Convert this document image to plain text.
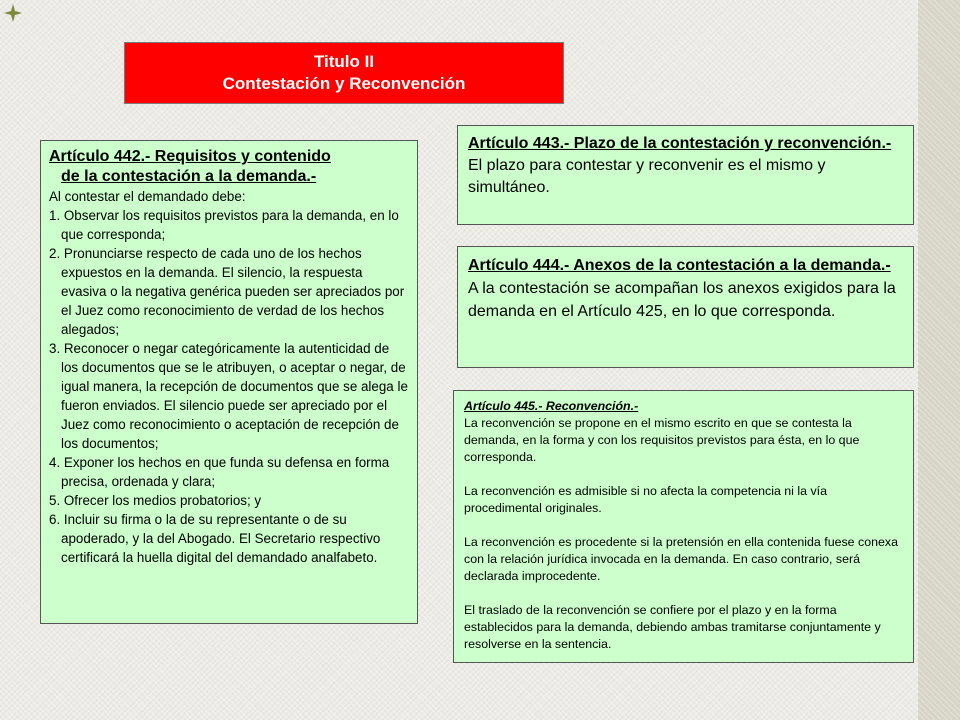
Titulo II
Contestación y Reconvención
Artículo 442.- Requisitos y contenido
de la contestación a la demanda.-

Al contestar el demandado debe:

1. Observar los requisitos previstos para la demanda, en lo que corresponda;

2. Pronunciarse respecto de cada uno de los hechos expuestos en la demanda. El silencio, la respuesta evasiva o la negativa genérica pueden ser apreciados por el Juez como reconocimiento de verdad de los hechos alegados;

3. Reconocer o negar categóricamente la autenticidad de los documentos que se le atribuyen, o aceptar o negar, de igual manera, la recepción de documentos que se alega le fueron enviados. El silencio puede ser apreciado por el Juez como reconocimiento o aceptación de recepción de los documentos;

4. Exponer los hechos en que funda su defensa en forma precisa, ordenada y clara;

5. Ofrecer los medios probatorios; y

6. Incluir su firma o la de su representante o de su apoderado, y la del Abogado. El Secretario respectivo certificará la huella digital del demandado analfabeto.

Artículo 443.- Plazo de la contestación y reconvención.-
El plazo para contestar y reconvenir es el mismo y simultáneo.
Artículo 444.- Anexos de la contestación a la demanda.-
A la contestación se acompañan los anexos exigidos para la demanda en el Artículo 425, en lo que corresponda.
Artículo 445.- Reconvención.-

La reconvención se propone en el mismo escrito en que se contesta la demanda, en la forma y con los requisitos previstos para ésta, en lo que corresponda.

La reconvención es admisible si no afecta la competencia ni la vía procedimental originales.

La reconvención es procedente si la pretensión en ella contenida fuese conexa con la relación jurídica invocada en la demanda. En caso contrario, será declarada improcedente.

El traslado de la reconvención se confiere por el plazo y en la forma establecidos para la demanda, debiendo ambas tramitarse conjuntamente y resolverse en la sentencia.
